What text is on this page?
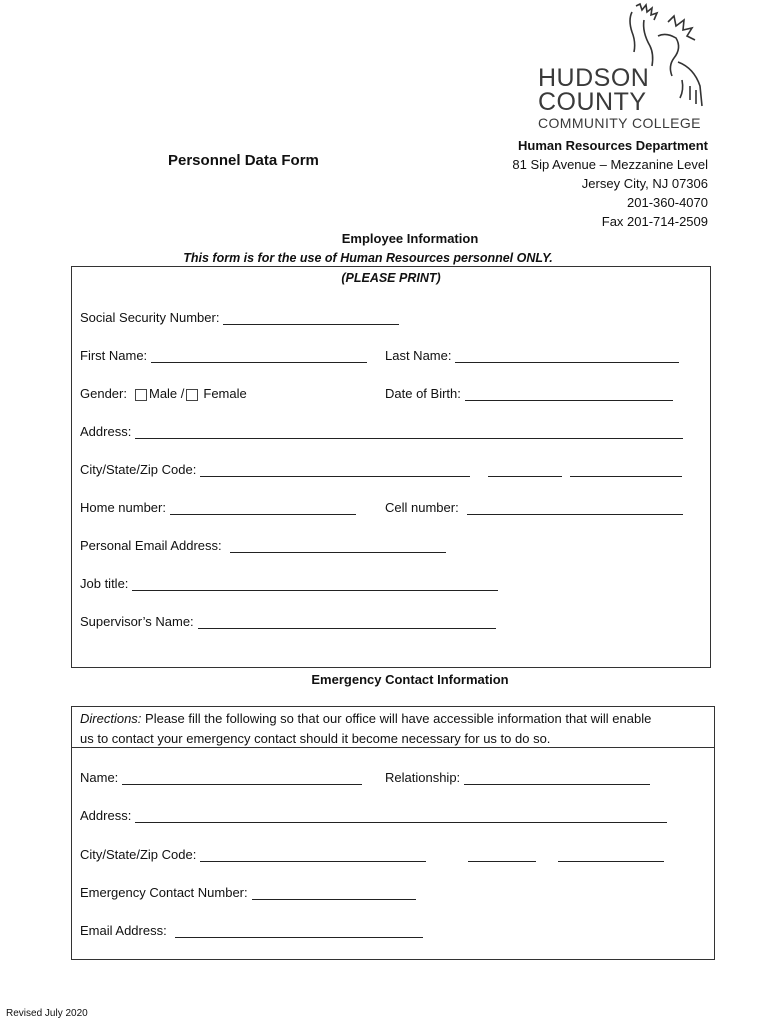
HUDSON
COUNTY
COMMUNITY COLLEGE
Human Resources Department
81 Sip Avenue – Mezzanine Level
Jersey City, NJ 07306
201-360-4070
Fax 201-714-2509
Personnel Data Form
Employee Information
This form is for the use of Human Resources personnel ONLY.
(PLEASE PRINT)
Social Security Number:
First Name:	Last Name:
Gender: Male / Female	Date of Birth:
Address:
City/State/Zip Code:
Home number:	Cell number:
Personal Email Address:
Job title:
Supervisor’s Name:
Emergency Contact Information
Directions: Please fill the following so that our office will have accessible information that will enable
us to contact your emergency contact should it become necessary for us to do so.
Name:	Relationship:
Address:
City/State/Zip Code:
Emergency Contact Number:
Email Address:
Revised July 2020
